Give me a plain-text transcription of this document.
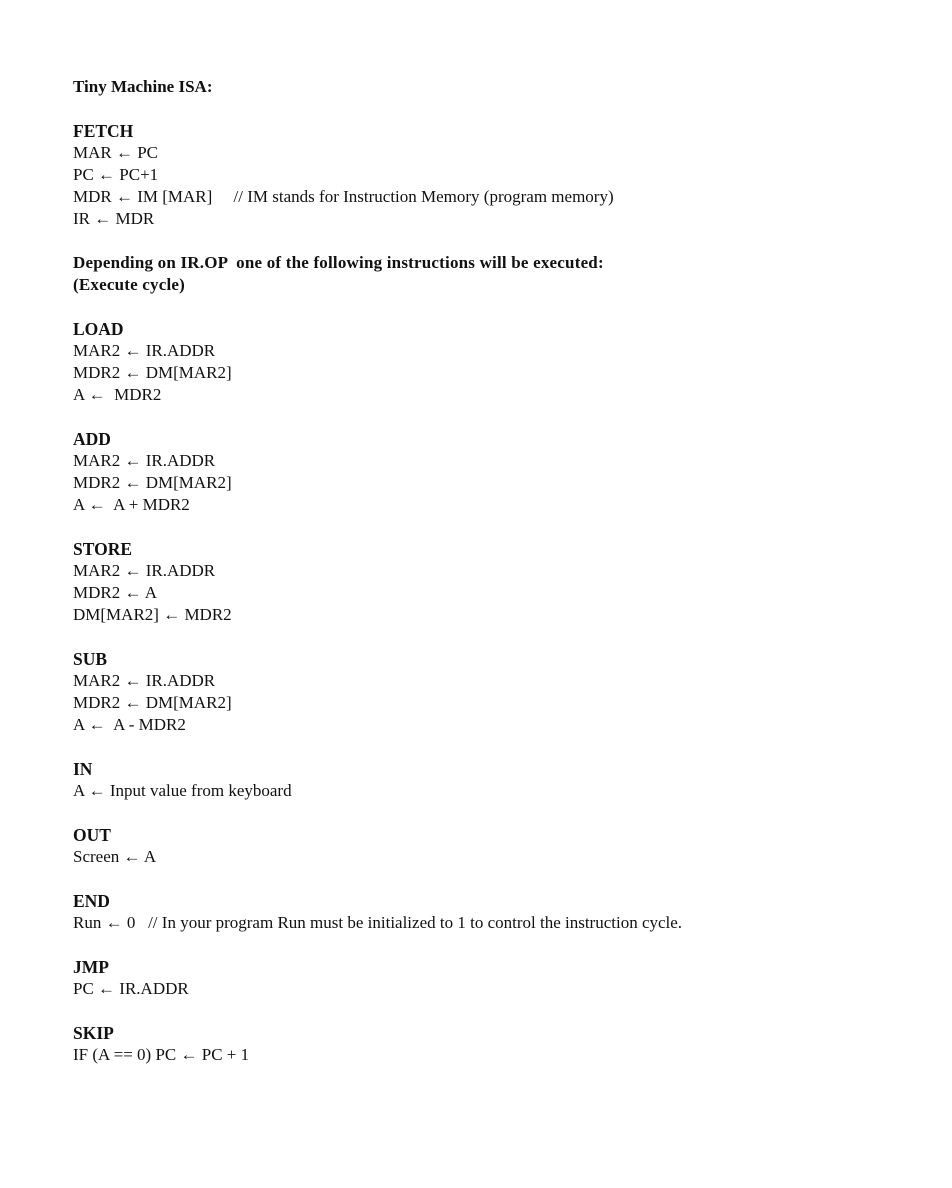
Tiny Machine ISA:
FETCH
MAR ← PC
PC ← PC+1
MDR ← IM [MAR]     // IM stands for Instruction Memory (program memory)
IR ← MDR
Depending on IR.OP  one of the following instructions will be executed:
(Execute cycle)
LOAD
MAR2 ← IR.ADDR
MDR2 ← DM[MAR2]
A ←  MDR2
ADD
MAR2 ← IR.ADDR
MDR2 ← DM[MAR2]
A ←  A + MDR2
STORE
MAR2 ← IR.ADDR
MDR2 ← A
DM[MAR2] ← MDR2
SUB
MAR2 ← IR.ADDR
MDR2 ← DM[MAR2]
A ←  A - MDR2
IN
A ← Input value from keyboard
OUT
Screen ← A
END
Run ← 0   // In your program Run must be initialized to 1 to control the instruction cycle.
JMP
PC ← IR.ADDR
SKIP
IF (A == 0) PC ← PC + 1
